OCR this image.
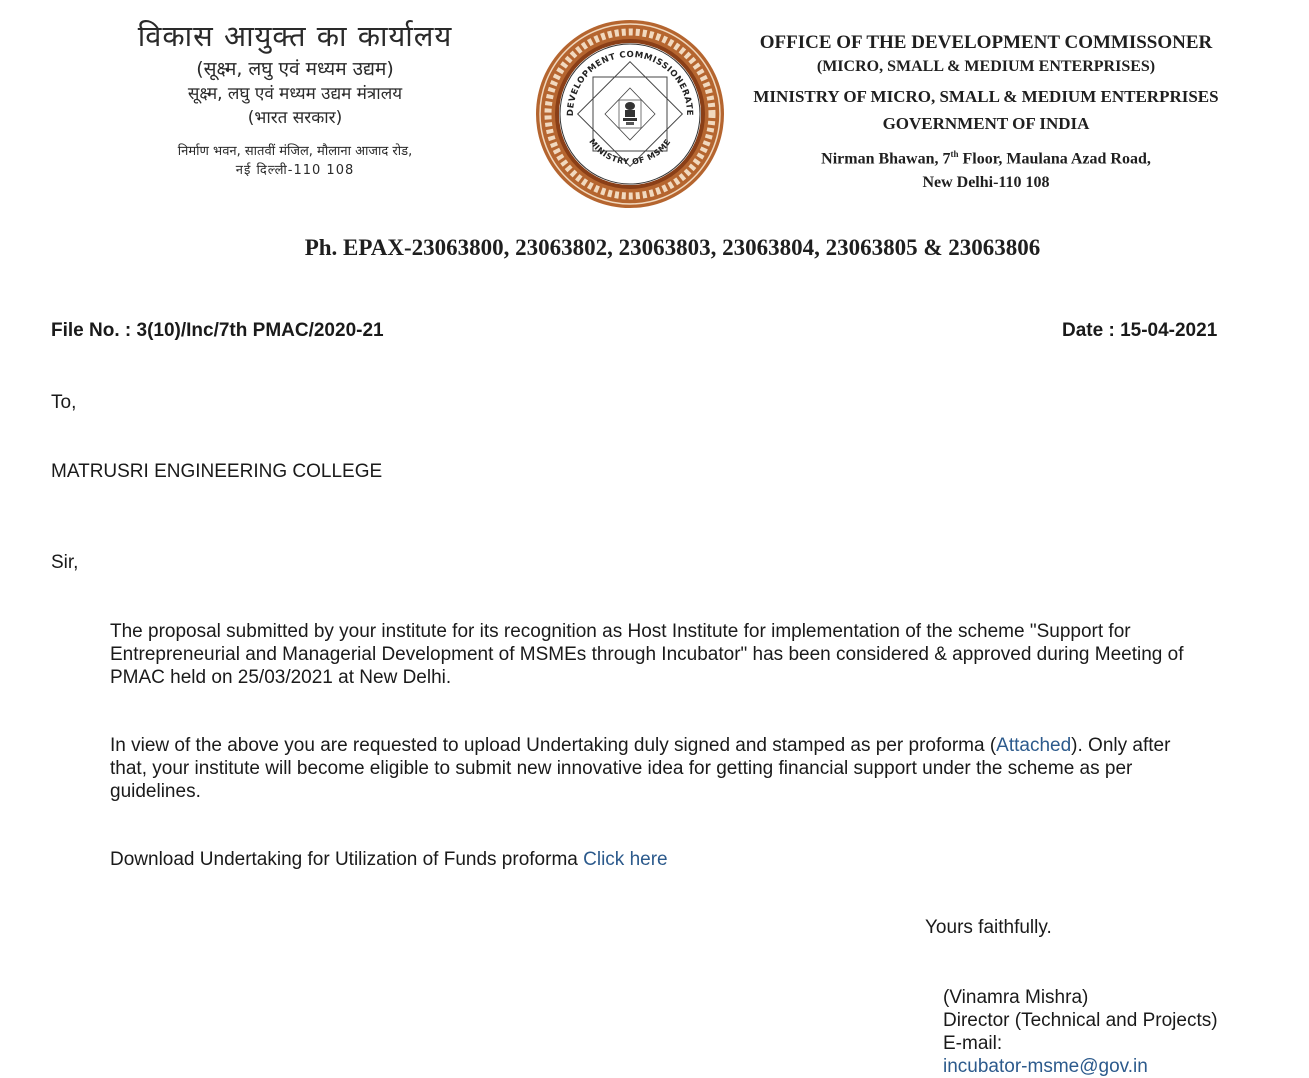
विकास आयुक्त का कार्यालय
(सूक्ष्म, लघु एवं मध्यम उद्यम)
सूक्ष्म, लघु एवं मध्यम उद्यम मंत्रालय
(भारत सरकार)
निर्माण भवन, सातवीं मंजिल, मौलाना आजाद रोड,
नई दिल्ली-110 108
DEVELOPMENT COMMISSIONERATE
MINISTRY OF MSME
OFFICE OF THE DEVELOPMENT COMMISSONER
(MICRO, SMALL & MEDIUM ENTERPRISES)
MINISTRY OF MICRO, SMALL & MEDIUM ENTERPRISES
GOVERNMENT OF INDIA
Nirman Bhawan, 7th Floor, Maulana Azad Road,
New Delhi-110 108
Ph. EPAX-23063800, 23063802, 23063803, 23063804, 23063805 & 23063806
File No. : 3(10)/Inc/7th PMAC/2020-21	Date : 15-04-2021
To,
MATRUSRI ENGINEERING COLLEGE
Sir,
The proposal submitted by your institute for its recognition as Host Institute for implementation of the scheme "Support for
Entrepreneurial and Managerial Development of MSMEs through Incubator" has been considered & approved during Meeting of
PMAC held on 25/03/2021 at New Delhi.
In view of the above you are requested to upload Undertaking duly signed and stamped as per proforma (Attached). Only after
that, your institute will become eligible to submit new innovative idea for getting financial support under the scheme as per
guidelines.
Download Undertaking for Utilization of Funds proforma Click here
Yours faithfully.
(Vinamra Mishra)
Director (Technical and Projects)
E-mail:
incubator-msme@gov.in
